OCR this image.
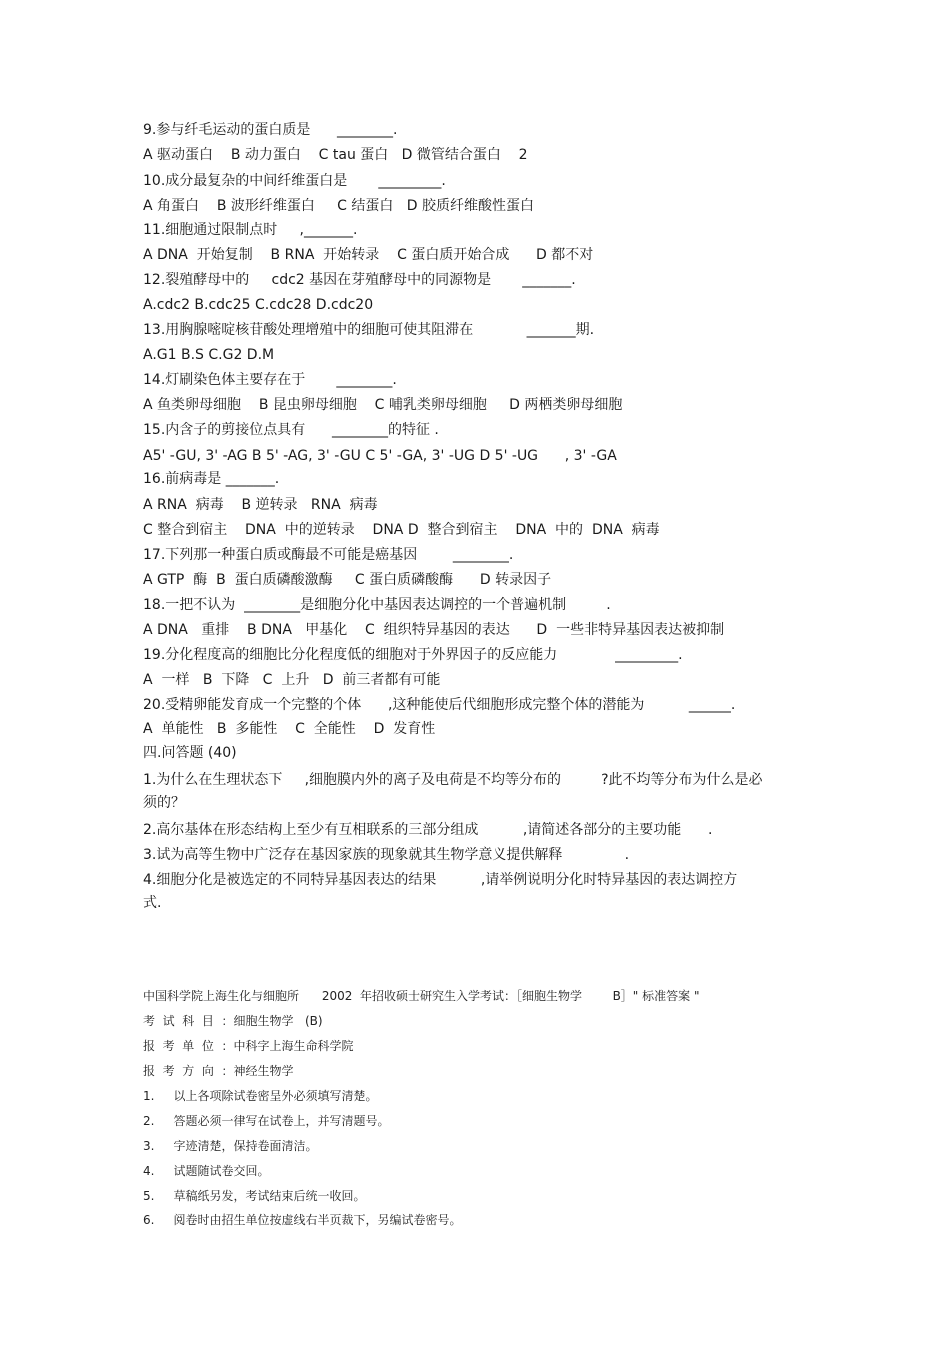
9.参与纤毛运动的蛋白质是      ________.
A 驱动蛋白    B 动力蛋白    C tau 蛋白   D 微管结合蛋白    2
10.成分最复杂的中间纤维蛋白是       _________.
A 角蛋白    B 波形纤维蛋白     C 结蛋白   D 胶质纤维酸性蛋白
11.细胞通过限制点时     ,_______.
A DNA  开始复制    B RNA  开始转录    C 蛋白质开始合成      D 都不对
12.裂殖酵母中的     cdc2 基因在芽殖酵母中的同源物是       _______.
A.cdc2 B.cdc25 C.cdc28 D.cdc20
13.用胸腺嘧啶核苷酸处理增殖中的细胞可使其阻滞在            _______期.
A.G1 B.S C.G2 D.M
14.灯刷染色体主要存在于       ________.
A 鱼类卵母细胞    B 昆虫卵母细胞    C 哺乳类卵母细胞     D 两栖类卵母细胞
15.内含子的剪接位点具有      ________的特征 .
A5' -GU, 3' -AG B 5' -AG, 3' -GU C 5' -GA, 3' -UG D 5' -UG      , 3' -GA
16.前病毒是 _______.
A RNA  病毒    B 逆转录   RNA  病毒
C 整合到宿主    DNA  中的逆转录    DNA D  整合到宿主    DNA  中的  DNA  病毒
17.下列那一种蛋白质或酶最不可能是癌基因        ________.
A GTP  酶  B  蛋白质磷酸激酶     C 蛋白质磷酸酶      D 转录因子
18.一把不认为  ________是细胞分化中基因表达调控的一个普遍机制         .
A DNA   重排    B DNA   甲基化    C  组织特异基因的表达      D  一些非特异基因表达被抑制
19.分化程度高的细胞比分化程度低的细胞对于外界因子的反应能力             _________.
A  一样   B  下降   C  上升   D  前三者都有可能
20.受精卵能发育成一个完整的个体      ,这种能使后代细胞形成完整个体的潜能为          ______.
A  单能性   B  多能性    C  全能性    D  发育性
四.问答题 (40)
1.为什么在生理状态下     ,细胞膜内外的离子及电荷是不均等分布的         ?此不均等分布为什么是必
须的？
2.高尔基体在形态结构上至少有互相联系的三部分组成          ,请简述各部分的主要功能      .
3.试为高等生物中广泛存在基因家族的现象就其生物学意义提供解释              .
4.细胞分化是被选定的不同特异基因表达的结果          ,请举例说明分化时特异基因的表达调控方
式.
中国科学院上海生化与细胞所      2002  年招收硕士研究生入学考试：［细胞生物学        B］" 标准答案 "
考  试  科  目  ：细胞生物学   (B)
报  考  单  位  ：中科字上海生命科学院
报  考  方  向  ：神经生物学
1.     以上各项除试卷密呈外必须填写清楚。
2.     答题必须一律写在试卷上，并写清题号。
3.     字迹清楚，保持卷面清洁。
4.     试题随试卷交回。
5.     草稿纸另发，考试结束后统一收回。
6.     阅卷时由招生单位按虚线右半页裁下，另编试卷密号。
